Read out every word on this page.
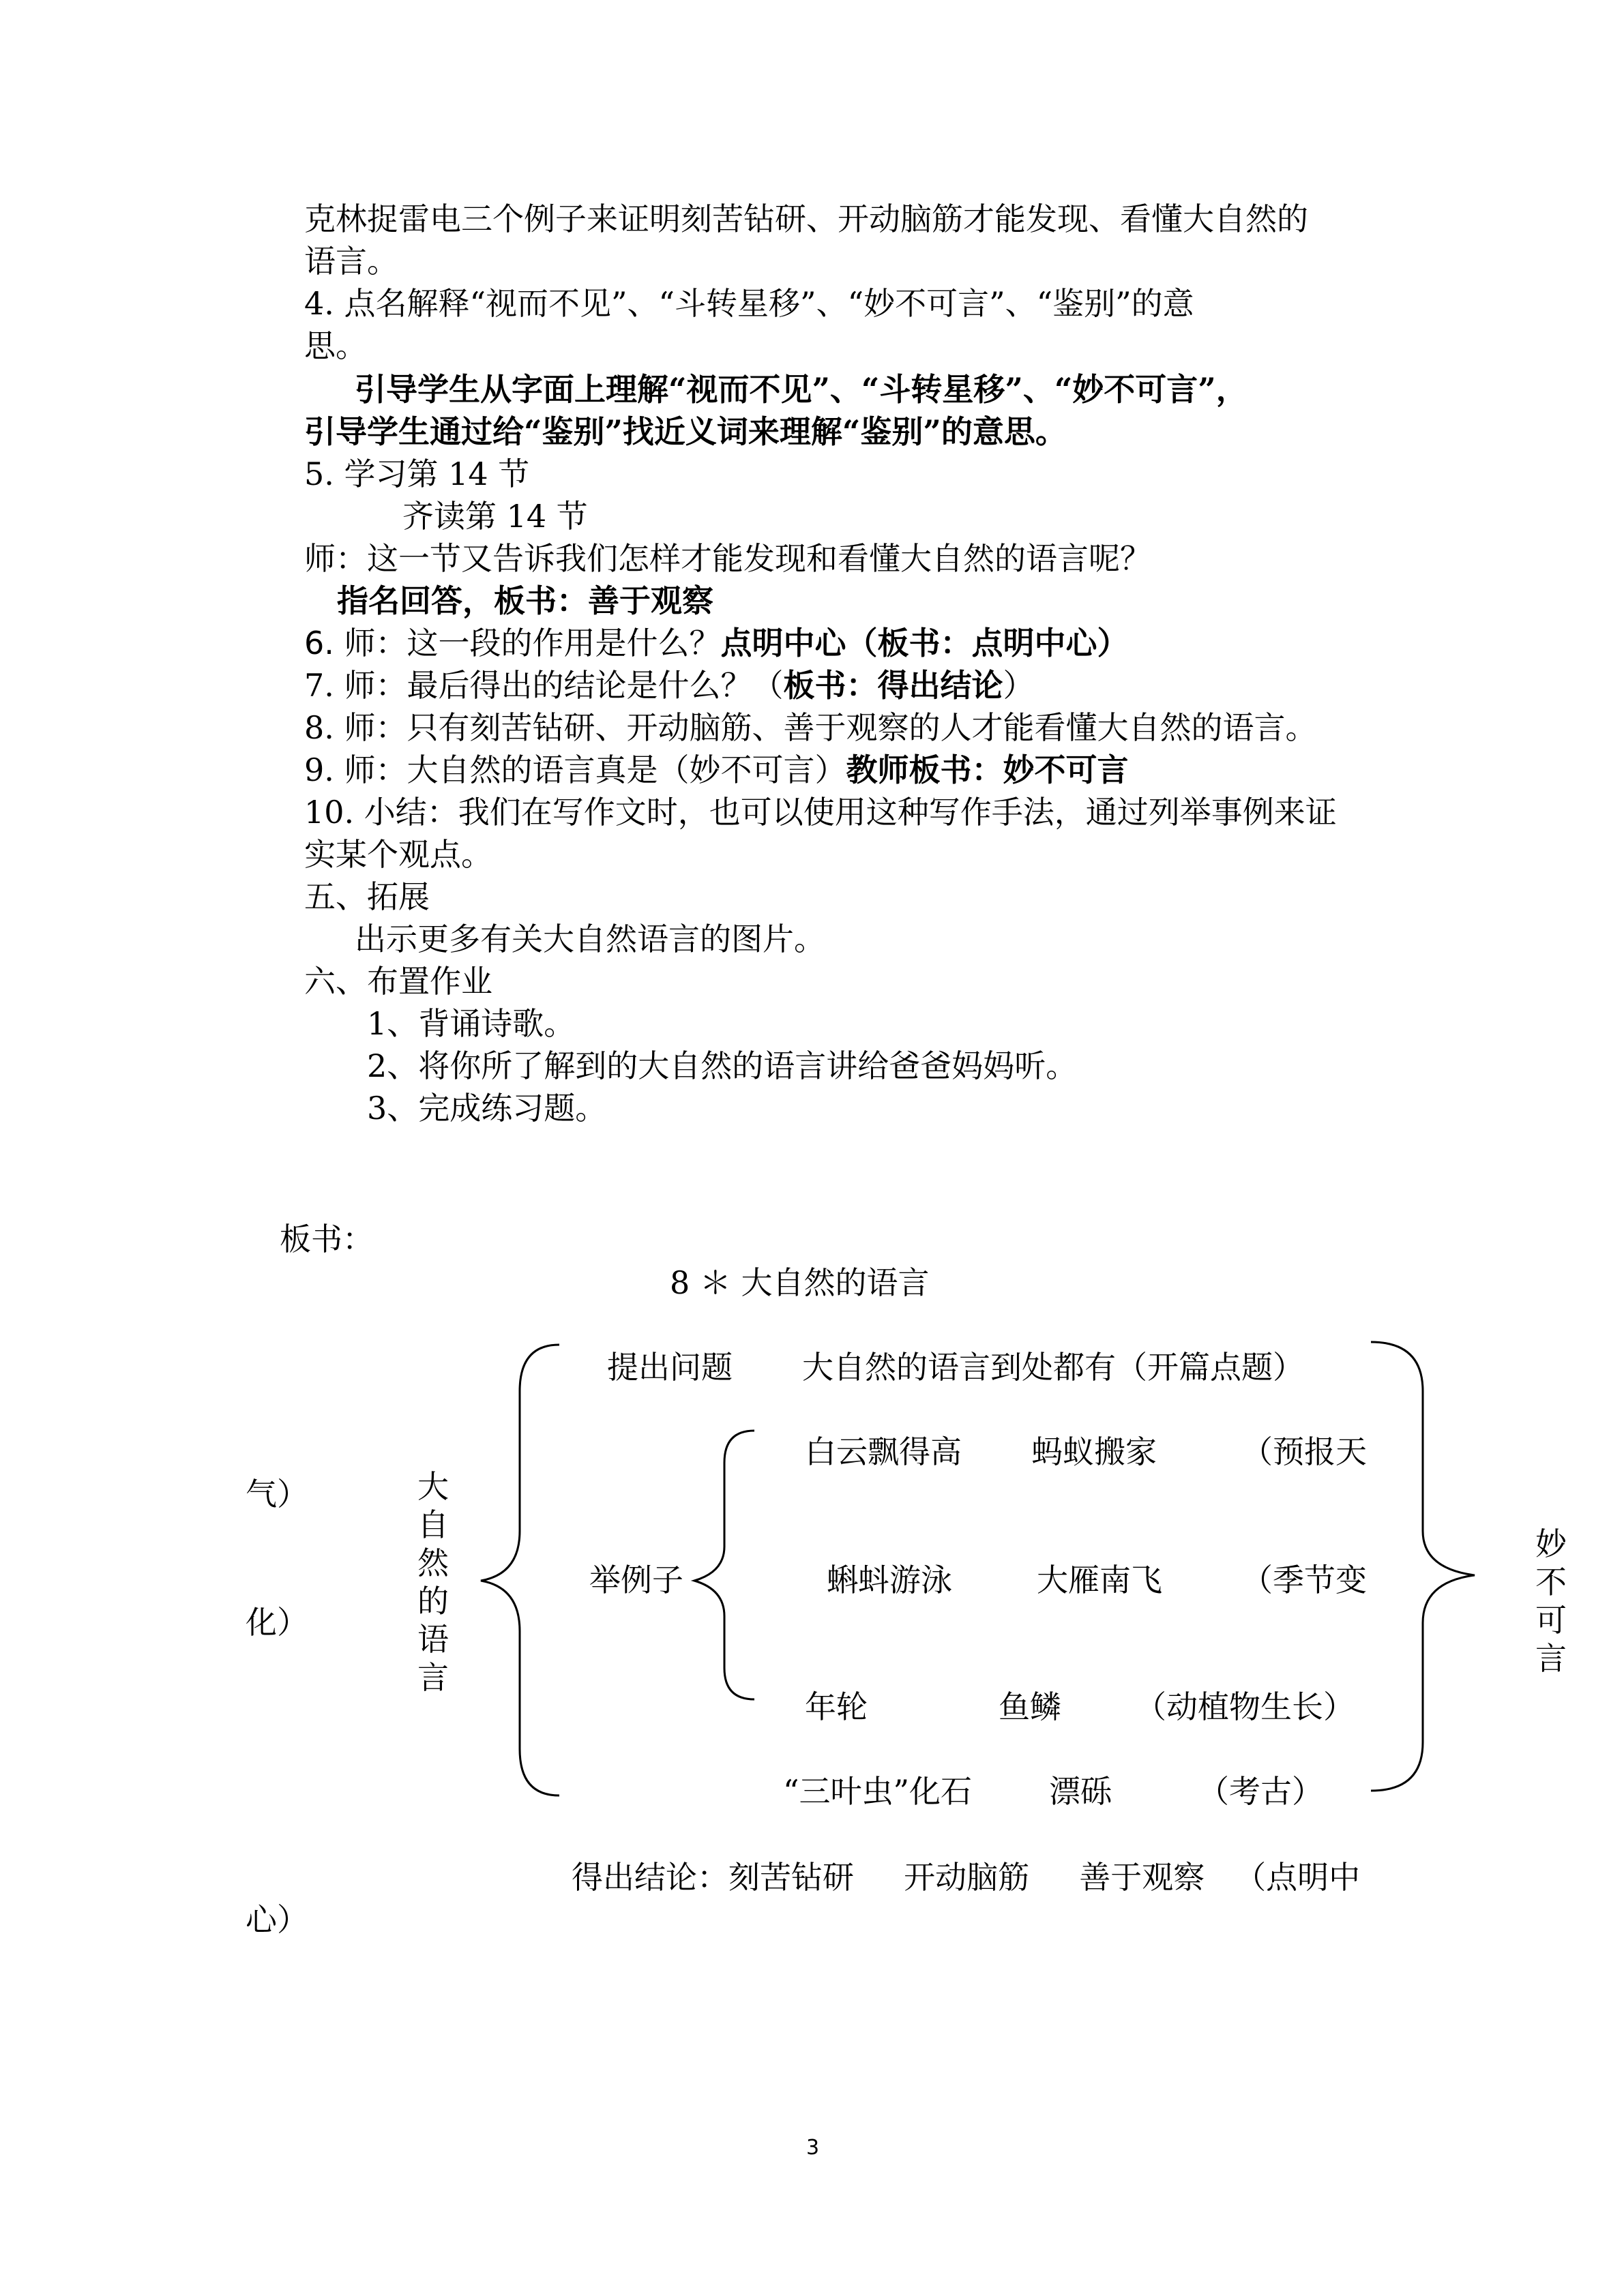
克林捉雷电三个例子来证明刻苦钻研、开动脑筋才能发现、看懂大自然的

语言。

4. 点名解释“视而不见”、“斗转星移”、“妙不可言”、“鉴别”的意

思。

引导学生从字面上理解“视而不见”、“斗转星移”、“妙不可言”，

引导学生通过给“鉴别”找近义词来理解“鉴别”的意思。

5. 学习第 14 节

齐读第 14 节

师：这一节又告诉我们怎样才能发现和看懂大自然的语言呢？

指名回答，板书：善于观察

6. 师：这一段的作用是什么？点明中心（板书：点明中心）

7. 师：最后得出的结论是什么？（板书：得出结论）

8. 师：只有刻苦钻研、开动脑筋、善于观察的人才能看懂大自然的语言。

9. 师：大自然的语言真是（妙不可言）教师板书：妙不可言

10. 小结：我们在写作文时，也可以使用这种写作手法，通过列举事例来证

实某个观点。

五、拓展

出示更多有关大自然语言的图片。

六、布置作业

1、背诵诗歌。

2、将你所了解到的大自然的语言讲给爸爸妈妈听。

3、完成练习题。

板书：

8 ＊ 大自然的语言

大自然的语言
妙不可言

提出问题 大自然的语言到处都有（开篇点题）

白云飘得高 蚂蚁搬家	（预报天

气）

举例子	蝌蚪游泳	大雁南飞	（季节变

化）

年轮	鱼鳞 （动植物生长）

“三叶虫”化石 漂砾	（考古）

得出结论：刻苦钻研     开动脑筋     善于观察   （点明中

心）

3
